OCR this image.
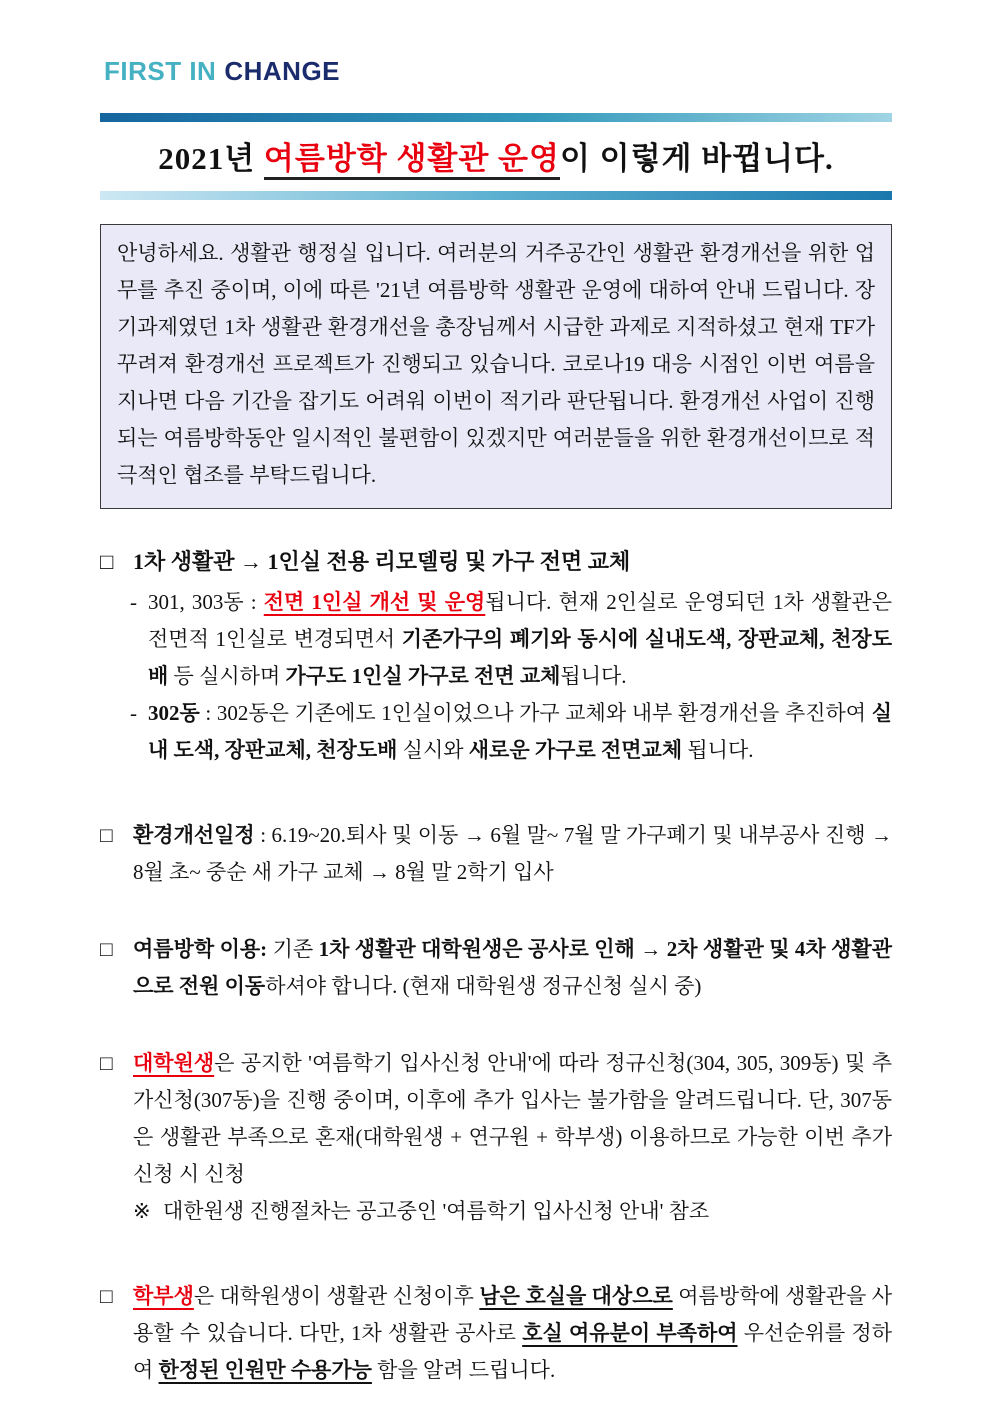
FIRST IN CHANGE
2021년 여름방학 생활관 운영이 이렇게 바뀝니다.

안녕하세요. 생활관 행정실 입니다. 여러분의 거주공간인 생활관 환경개선을 위한 업무를 추진 중이며, 이에 따른 '21년 여름방학 생활관 운영에 대하여 안내 드립니다. 장기과제였던 1차 생활관 환경개선을 총장님께서 시급한 과제로 지적하셨고 현재 TF가 꾸려져 환경개선 프로젝트가 진행되고 있습니다. 코로나19 대응 시점인 이번 여름을 지나면 다음 기간을 잡기도 어려워 이번이 적기라 판단됩니다. 환경개선 사업이 진행되는 여름방학동안 일시적인 불편함이 있겠지만 여러분들을 위한 환경개선이므로 적극적인 협조를 부탁드립니다.

□ 1차 생활관 → 1인실 전용 리모델링 및 가구 전면 교체

- 301, 303동 : 전면 1인실 개선 및 운영됩니다. 현재 2인실로 운영되던 1차 생활관은 전면적 1인실로 변경되면서 기존가구의 폐기와 동시에 실내도색, 장판교체, 천장도배 등 실시하며 가구도 1인실 가구로 전면 교체됩니다.

- 302동 : 302동은 기존에도 1인실이었으나 가구 교체와 내부 환경개선을 추진하여 실내 도색, 장판교체, 천장도배 실시와 새로운 가구로 전면교체 됩니다.

□ 환경개선일정 : 6.19~20.퇴사 및 이동 → 6월 말~ 7월 말 가구폐기 및 내부공사 진행 → 8월 초~ 중순 새 가구 교체 → 8월 말 2학기 입사

□ 여름방학 이용: 기존 1차 생활관 대학원생은 공사로 인해 → 2차 생활관 및 4차 생활관으로 전원 이동하셔야 합니다. (현재 대학원생 정규신청 실시 중)

□ 대학원생은 공지한 '여름학기 입사신청 안내'에 따라 정규신청(304, 305, 309동) 및 추가신청(307동)을 진행 중이며, 이후에 추가 입사는 불가함을 알려드립니다. 단, 307동은 생활관 부족으로 혼재(대학원생 + 연구원 + 학부생) 이용하므로 가능한 이번 추가신청 시 신청

※ 대한원생 진행절차는 공고중인 '여름학기 입사신청 안내' 참조

□ 학부생은 대학원생이 생활관 신청이후 남은 호실을 대상으로 여름방학에 생활관을 사용할 수 있습니다. 다만, 1차 생활관 공사로 호실 여유분이 부족하여 우선순위를 정하여 한정된 인원만 수용가능 함을 알려 드립니다.
